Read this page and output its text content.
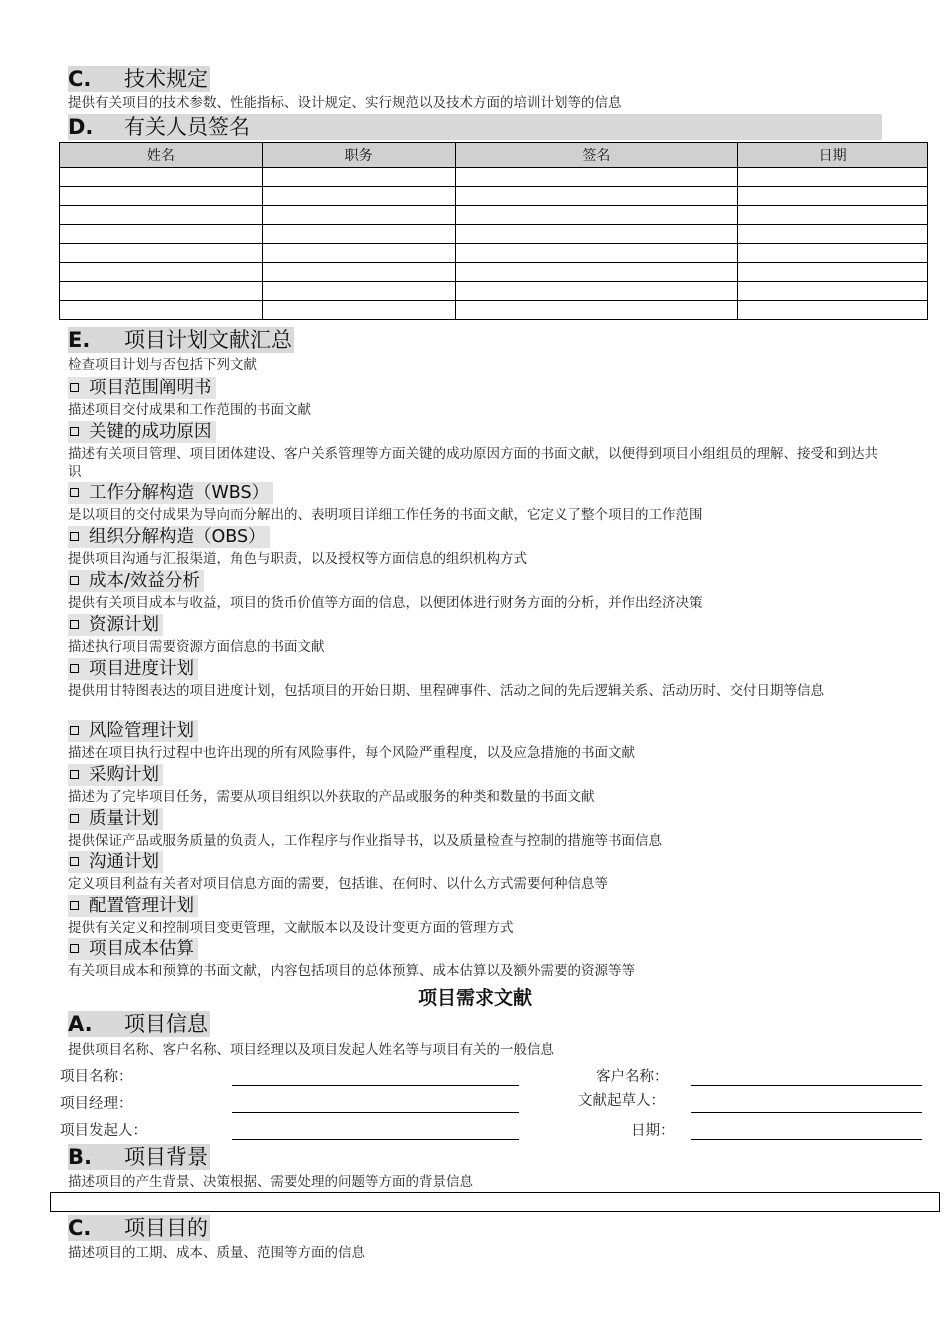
C. 技术规定
提供有关项目的技术参数、性能指标、设计规定、实行规范以及技术方面的培训计划等的信息
D. 有关人员签名
姓名	职务	签名	日期

E. 项目计划文献汇总
检查项目计划与否包括下列文献
项目范围阐明书
描述项目交付成果和工作范围的书面文献
关键的成功原因
描述有关项目管理、项目团体建设、客户关系管理等方面关键的成功原因方面的书面文献，以便得到项目小组组员的理解、接受和到达共识
工作分解构造（WBS）
是以项目的交付成果为导向而分解出的、表明项目详细工作任务的书面文献，它定义了整个项目的工作范围
组织分解构造（OBS）
提供项目沟通与汇报渠道，角色与职责，以及授权等方面信息的组织机构方式
成本/效益分析
提供有关项目成本与收益，项目的货币价值等方面的信息，以便团体进行财务方面的分析，并作出经济决策
资源计划
描述执行项目需要资源方面信息的书面文献
项目进度计划
提供用甘特图表达的项目进度计划，包括项目的开始日期、里程碑事件、活动之间的先后逻辑关系、活动历时、交付日期等信息
风险管理计划
描述在项目执行过程中也许出现的所有风险事件，每个风险严重程度，以及应急措施的书面文献
采购计划
描述为了完毕项目任务，需要从项目组织以外获取的产品或服务的种类和数量的书面文献
质量计划
提供保证产品或服务质量的负责人，工作程序与作业指导书，以及质量检查与控制的措施等书面信息
沟通计划
定义项目利益有关者对项目信息方面的需要，包括谁、在何时、以什么方式需要何种信息等
配置管理计划
提供有关定义和控制项目变更管理，文献版本以及设计变更方面的管理方式
项目成本估算
有关项目成本和预算的书面文献，内容包括项目的总体预算、成本估算以及额外需要的资源等等
项目需求文献
A. 项目信息
提供项目名称、客户名称、项目经理以及项目发起人姓名等与项目有关的一般信息
项目名称：	客户名称：
项目经理：	文献起草人：
项目发起人：	日期：
B. 项目背景
描述项目的产生背景、决策根据、需要处理的问题等方面的背景信息
C. 项目目的
描述项目的工期、成本、质量、范围等方面的信息
